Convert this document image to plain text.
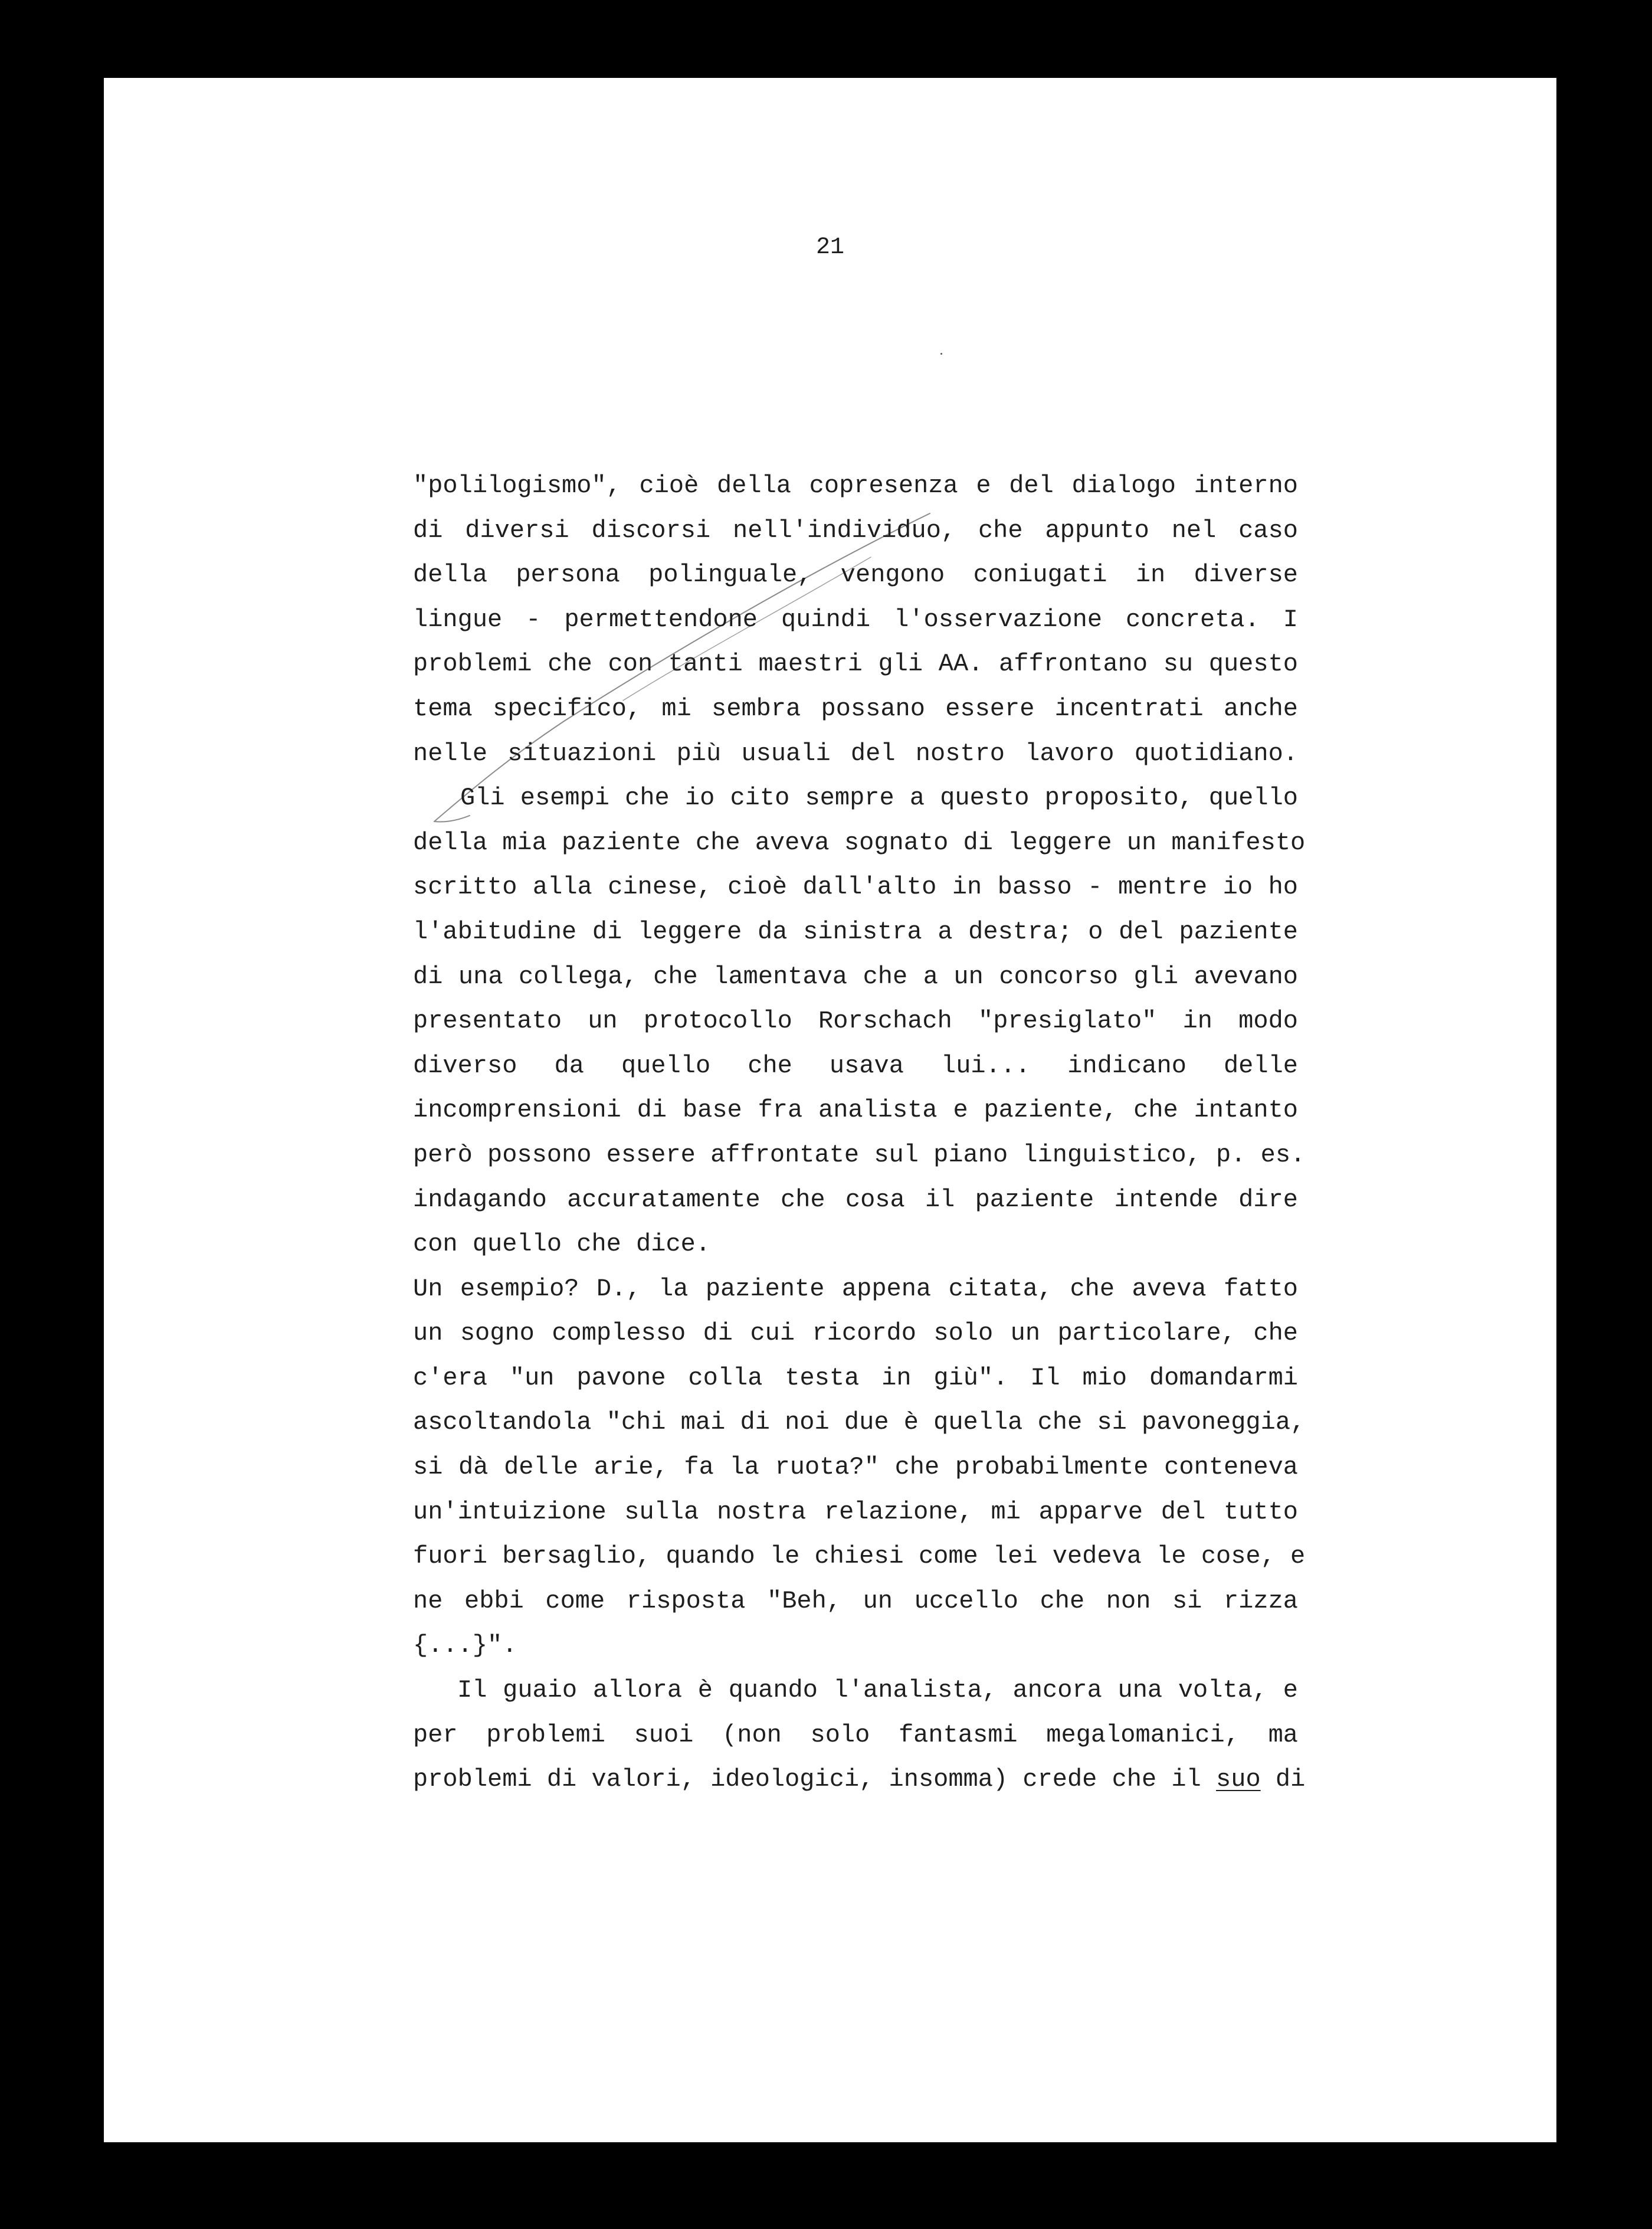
21
"polilogismo", cioè della copresenza e del dialogo interno
di diversi discorsi nell'individuo, che appunto nel caso
della persona polinguale, vengono coniugati in diverse
lingue - permettendone quindi l'osservazione concreta. I
problemi che con tanti maestri gli AA. affrontano su questo
tema specifico, mi sembra possano essere incentrati anche
nelle situazioni più usuali del nostro lavoro quotidiano.
Gli esempi che io cito sempre a questo proposito, quello
della mia paziente che aveva sognato di leggere un manifesto
scritto alla cinese, cioè dall'alto in basso - mentre io ho
l'abitudine di leggere da sinistra a destra; o del paziente
di una collega, che lamentava che a un concorso gli avevano
presentato un protocollo Rorschach "presiglato" in modo
diverso da quello che usava lui... indicano delle
incomprensioni di base fra analista e paziente, che intanto
però possono essere affrontate sul piano linguistico, p. es.
indagando accuratamente che cosa il paziente intende dire
con quello che dice.
Un esempio? D., la paziente appena citata, che aveva fatto
un sogno complesso di cui ricordo solo un particolare, che
c'era "un pavone colla testa in giù". Il mio domandarmi
ascoltandola "chi mai di noi due è quella che si pavoneggia,
si dà delle arie, fa la ruota?" che probabilmente conteneva
un'intuizione sulla nostra relazione, mi apparve del tutto
fuori bersaglio, quando le chiesi come lei vedeva le cose, e
ne ebbi come risposta "Beh, un uccello che non si rizza
{...}".
Il guaio allora è quando l'analista, ancora una volta, e
per problemi suoi (non solo fantasmi megalomanici, ma
problemi di valori, ideologici, insomma) crede che il suo di
